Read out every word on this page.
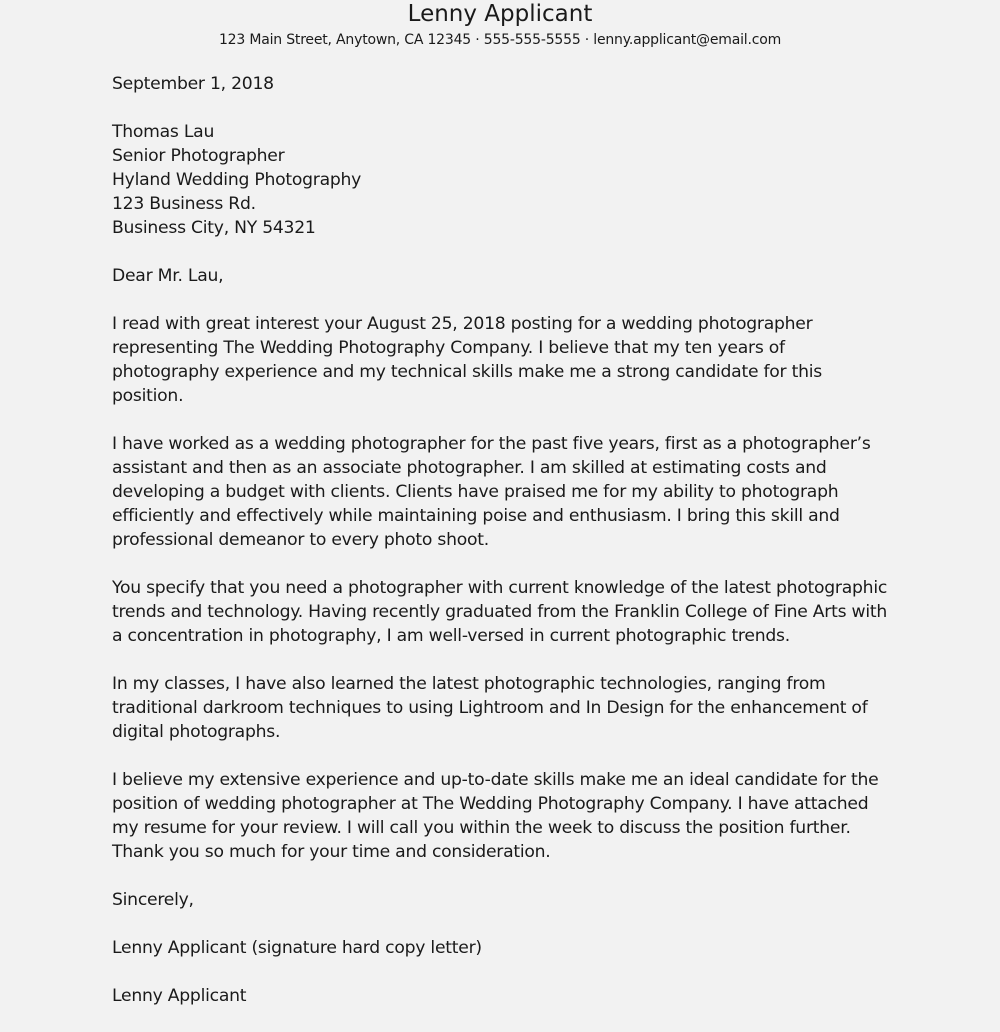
Lenny Applicant
123 Main Street, Anytown, CA 12345 · 555-555-5555 · lenny.applicant@email.com

September 1, 2018

Thomas Lau

Senior Photographer

Hyland Wedding Photography

123 Business Rd.

Business City, NY 54321

Dear Mr. Lau,

I read with great interest your August 25, 2018 posting for a wedding photographer representing The Wedding Photography Company. I believe that my ten years of photography experience and my technical skills make me a strong candidate for this position.

I have worked as a wedding photographer for the past five years, first as a photographer’s assistant and then as an associate photographer. I am skilled at estimating costs and developing a budget with clients. Clients have praised me for my ability to photograph efficiently and effectively while maintaining poise and enthusiasm. I bring this skill and professional demeanor to every photo shoot.

You specify that you need a photographer with current knowledge of the latest photographic trends and technology. Having recently graduated from the Franklin College of Fine Arts with a concentration in photography, I am well-versed in current photographic trends.

In my classes, I have also learned the latest photographic technologies, ranging from traditional darkroom techniques to using Lightroom and In Design for the enhancement of digital photographs.

I believe my extensive experience and up-to-date skills make me an ideal candidate for the position of wedding photographer at The Wedding Photography Company. I have attached my resume for your review. I will call you within the week to discuss the position further. Thank you so much for your time and consideration.

Sincerely,

Lenny Applicant (signature hard copy letter)

Lenny Applicant
